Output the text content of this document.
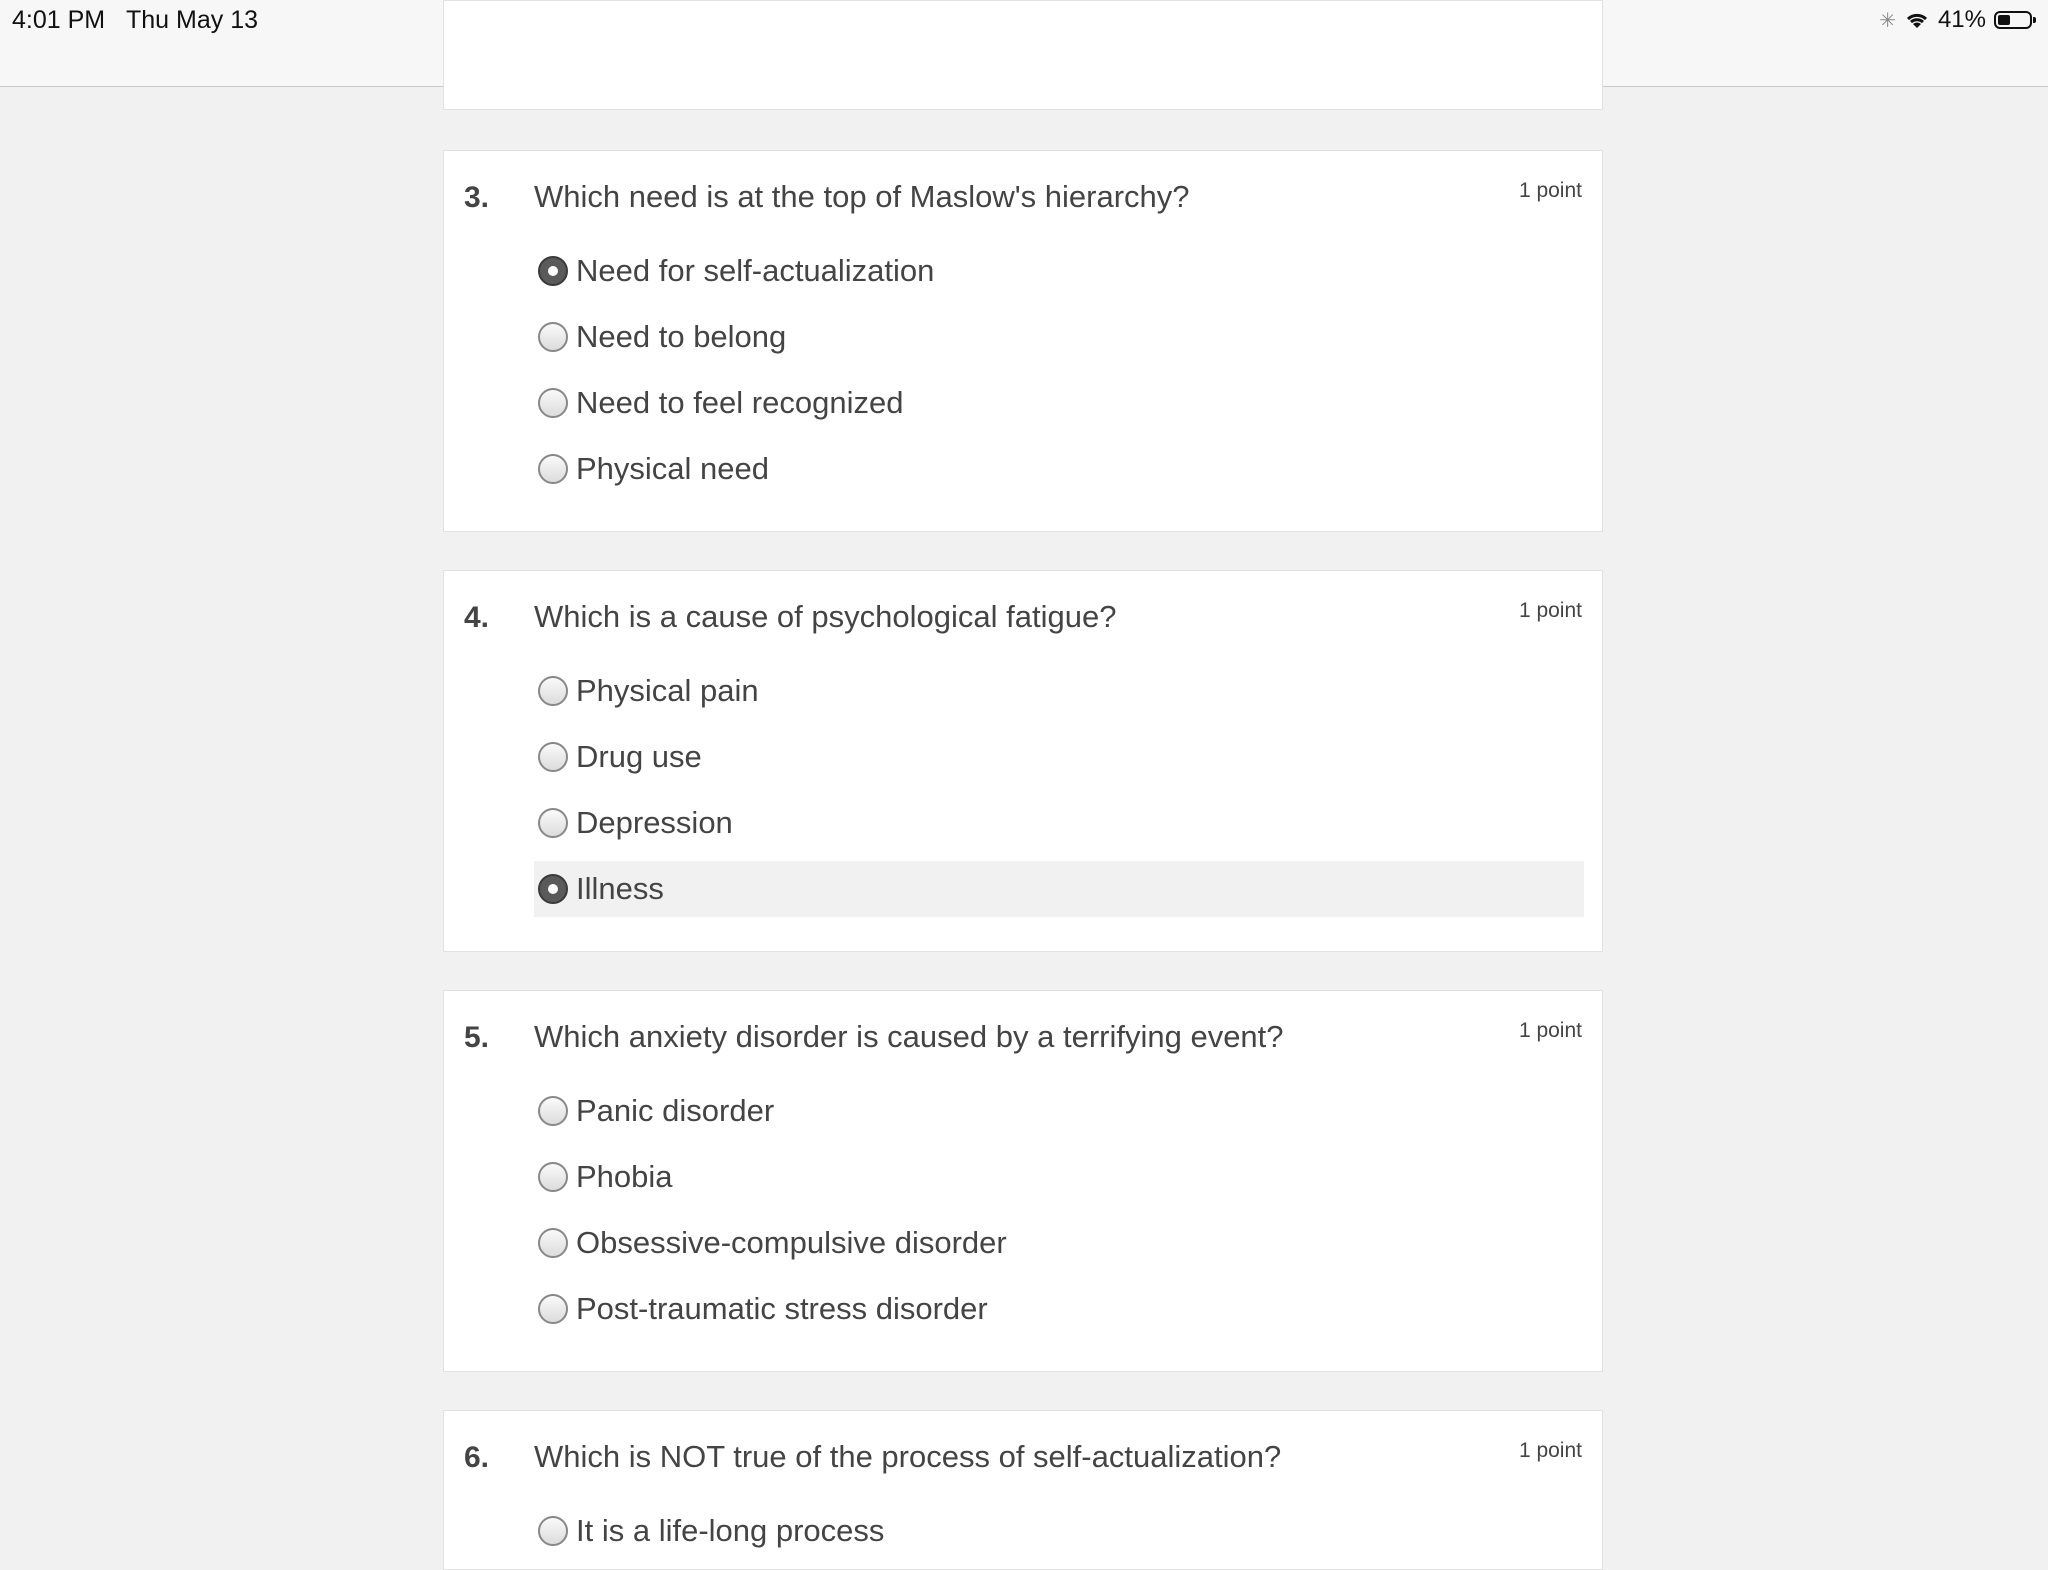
4:01 PM Thu May 13	✳ 41%
3. Which need is at the top of Maslow's hierarchy?	1 point
Need for self-actualization
Need to belong
Need to feel recognized
Physical need
4. Which is a cause of psychological fatigue?	1 point
Physical pain
Drug use
Depression
Illness
5. Which anxiety disorder is caused by a terrifying event?	1 point
Panic disorder
Phobia
Obsessive-compulsive disorder
Post-traumatic stress disorder
6. Which is NOT true of the process of self-actualization?	1 point
It is a life-long process
